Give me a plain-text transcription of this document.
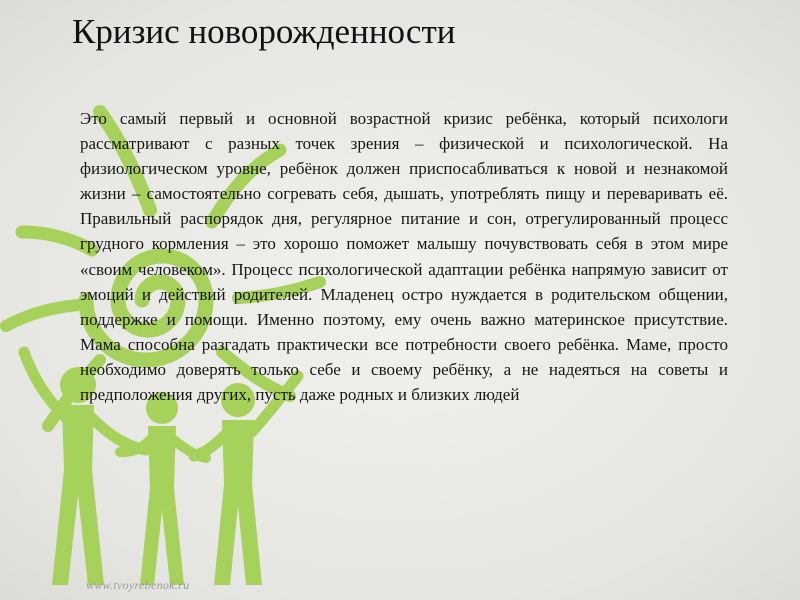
Кризис новорожденности

Это самый первый и основной возрастной кризис ребёнка, который психологи рассматривают с разных точек зрения – физической и психологической. На физиологическом уровне, ребёнок должен приспосабливаться к новой и незнакомой жизни – самостоятельно согревать себя, дышать, употреблять пищу и переваривать её. Правильный распорядок дня, регулярное питание и сон, отрегулированный процесс грудного кормления – это хорошо поможет малышу почувствовать себя в этом мире «своим человеком». Процесс психологической адаптации ребёнка напрямую зависит от эмоций и действий родителей. Младенец остро нуждается в родительском общении, поддержке и помощи. Именно поэтому, ему очень важно материнское присутствие. Мама способна разгадать практически все потребности своего ребёнка. Маме, просто необходимо доверять только себе и своему ребёнку, а не надеяться на советы и предположения других, пусть даже родных и близких людей

www.tvoyrebenok.ru
